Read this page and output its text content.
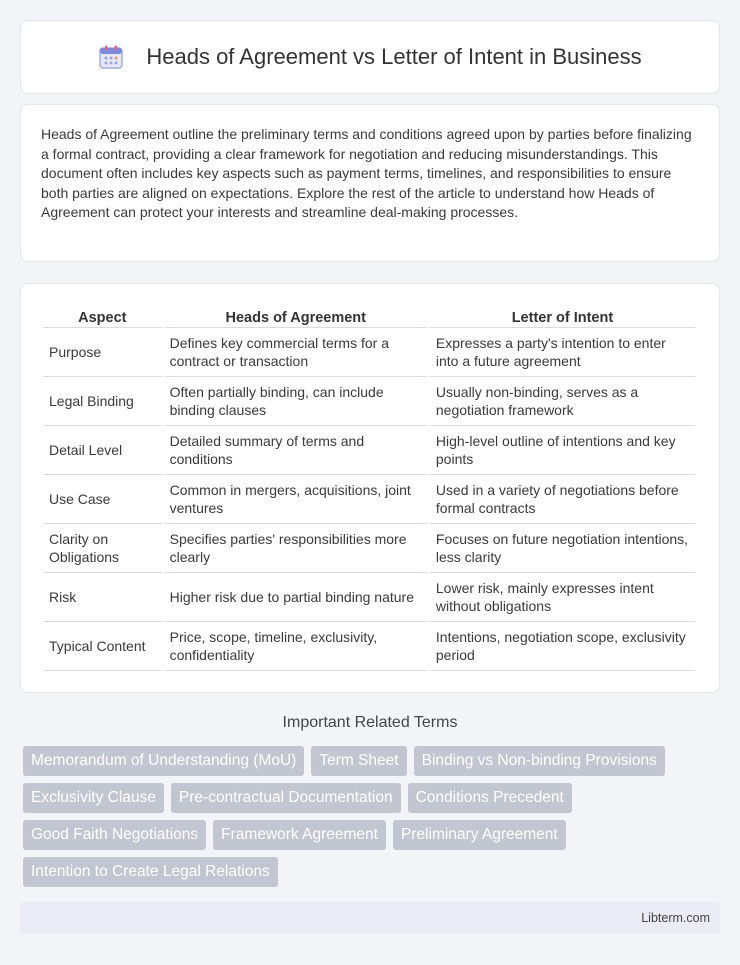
Heads of Agreement vs Letter of Intent in Business

Heads of Agreement outline the preliminary terms and conditions agreed upon by parties before finalizing a formal contract, providing a clear framework for negotiation and reducing misunderstandings. This document often includes key aspects such as payment terms, timelines, and responsibilities to ensure both parties are aligned on expectations. Explore the rest of the article to understand how Heads of Agreement can protect your interests and streamline deal-making processes.

Aspect	Heads of Agreement	Letter of Intent
Purpose	Defines key commercial terms for a contract or transaction	Expresses a party's intention to enter into a future agreement
Legal Binding	Often partially binding, can include binding clauses	Usually non-binding, serves as a negotiation framework
Detail Level	Detailed summary of terms and conditions	High-level outline of intentions and key points
Use Case	Common in mergers, acquisitions, joint ventures	Used in a variety of negotiations before formal contracts
Clarity on Obligations	Specifies parties' responsibilities more clearly	Focuses on future negotiation intentions, less clarity
Risk	Higher risk due to partial binding nature	Lower risk, mainly expresses intent without obligations
Typical Content	Price, scope, timeline, exclusivity, confidentiality	Intentions, negotiation scope, exclusivity period
Important Related Terms
Memorandum of Understanding (MoU)	Term Sheet	Binding vs Non-binding Provisions
Exclusivity Clause	Pre-contractual Documentation	Conditions Precedent
Good Faith Negotiations	Framework Agreement	Preliminary Agreement
Intention to Create Legal Relations
Libterm.com
